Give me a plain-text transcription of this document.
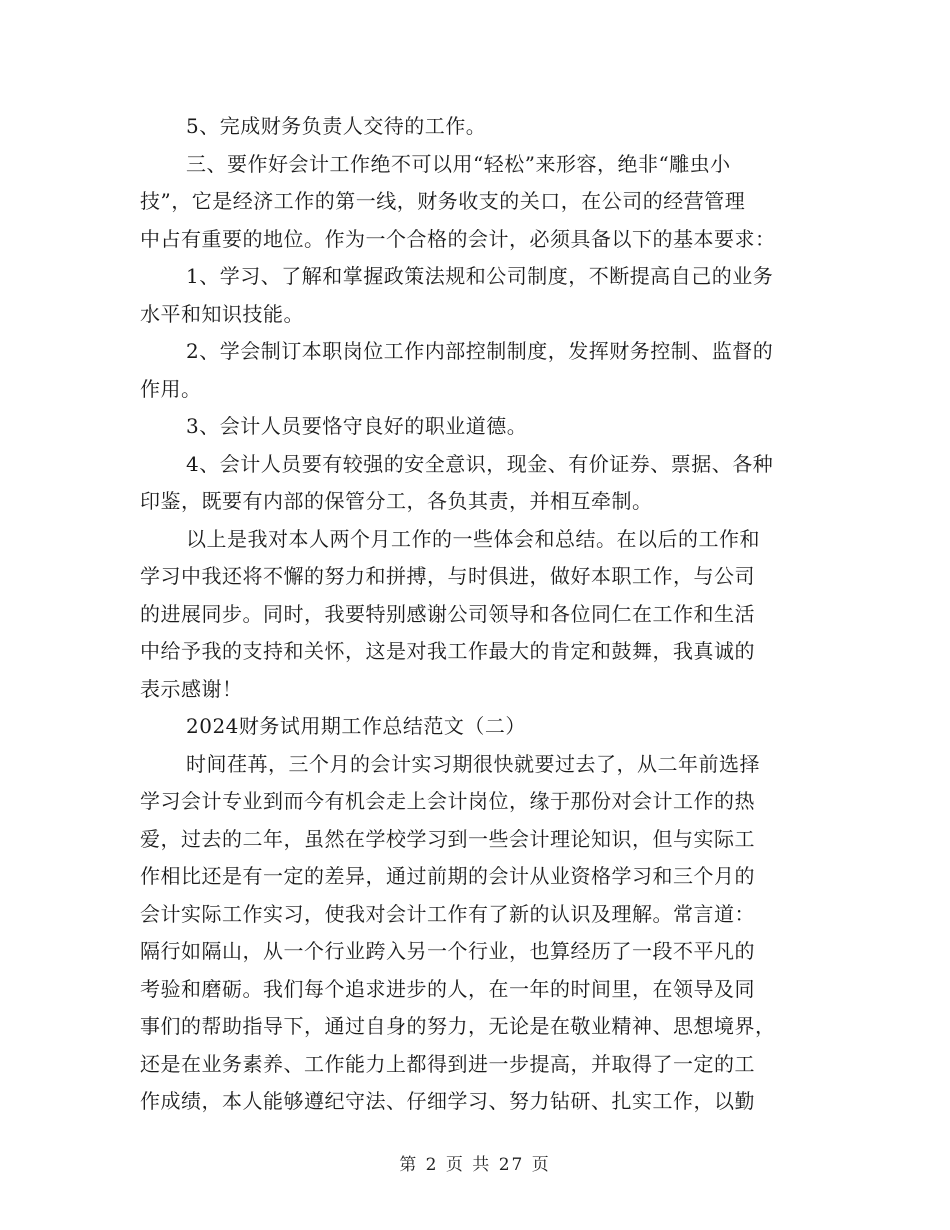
5、完成财务负责人交待的工作。
三、要作好会计工作绝不可以用“轻松”来形容，绝非“雕虫小
技”，它是经济工作的第一线，财务收支的关口，在公司的经营管理
中占有重要的地位。作为一个合格的会计，必须具备以下的基本要求：
1、学习、了解和掌握政策法规和公司制度，不断提高自己的业务
水平和知识技能。
2、学会制订本职岗位工作内部控制制度，发挥财务控制、监督的
作用。
3、会计人员要恪守良好的职业道德。
4、会计人员要有较强的安全意识，现金、有价证券、票据、各种
印鉴，既要有内部的保管分工，各负其责，并相互牵制。
以上是我对本人两个月工作的一些体会和总结。在以后的工作和
学习中我还将不懈的努力和拼搏，与时俱进，做好本职工作，与公司
的进展同步。同时，我要特别感谢公司领导和各位同仁在工作和生活
中给予我的支持和关怀，这是对我工作最大的肯定和鼓舞，我真诚的
表示感谢！
2024财务试用期工作总结范文（二）
时间荏苒，三个月的会计实习期很快就要过去了，从二年前选择
学习会计专业到而今有机会走上会计岗位，缘于那份对会计工作的热
爱，过去的二年，虽然在学校学习到一些会计理论知识，但与实际工
作相比还是有一定的差异，通过前期的会计从业资格学习和三个月的
会计实际工作实习，使我对会计工作有了新的认识及理解。常言道：
隔行如隔山，从一个行业跨入另一个行业，也算经历了一段不平凡的
考验和磨砺。我们每个追求进步的人，在一年的时间里，在领导及同
事们的帮助指导下，通过自身的努力，无论是在敬业精神、思想境界，
还是在业务素养、工作能力上都得到进一步提高，并取得了一定的工
作成绩，本人能够遵纪守法、仔细学习、努力钻研、扎实工作，以勤
第 2 页 共 27 页
